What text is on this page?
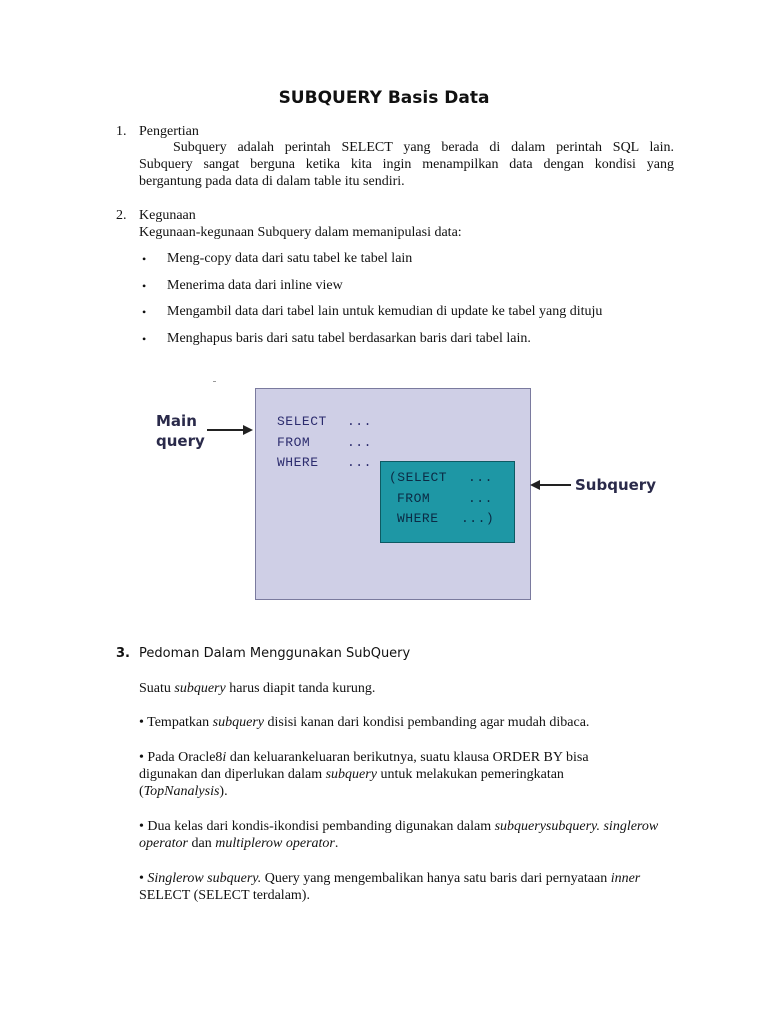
SUBQUERY Basis Data
1. Pengertian
Subquery adalah perintah SELECT yang berada di dalam perintah SQL lain.
Subquery sangat berguna ketika kita ingin menampilkan data dengan kondisi yang
bergantung pada data di dalam table itu sendiri.
2. Kegunaan
Kegunaan-kegunaan Subquery dalam memanipulasi data:
• Meng-copy data dari satu tabel ke tabel lain
• Menerima data dari inline view
• Mengambil data dari tabel lain untuk kemudian di update ke tabel yang dituju
• Menghapus baris dari satu tabel berdasarkan baris dari tabel lain.
SELECT
FROM
WHERE
...
...
...
(SELECT
FROM
WHERE
...
...
...)
Main
query
Subquery
3. Pedoman Dalam Menggunakan SubQuery
Suatu subquery harus diapit tanda kurung.
• Tempatkan subquery disisi kanan dari kondisi pembanding agar mudah dibaca.
• Pada Oracle8i dan keluarankeluaran berikutnya, suatu klausa ORDER BY bisa digunakan dan diperlukan dalam subquery untuk melakukan pemeringkatan (TopNanalysis).
• Dua kelas dari kondis-ikondisi pembanding digunakan dalam subquerysubquery. singlerow operator dan multiplerow operator.
• Singlerow subquery. Query yang mengembalikan hanya satu baris dari pernyataan inner SELECT (SELECT terdalam).
